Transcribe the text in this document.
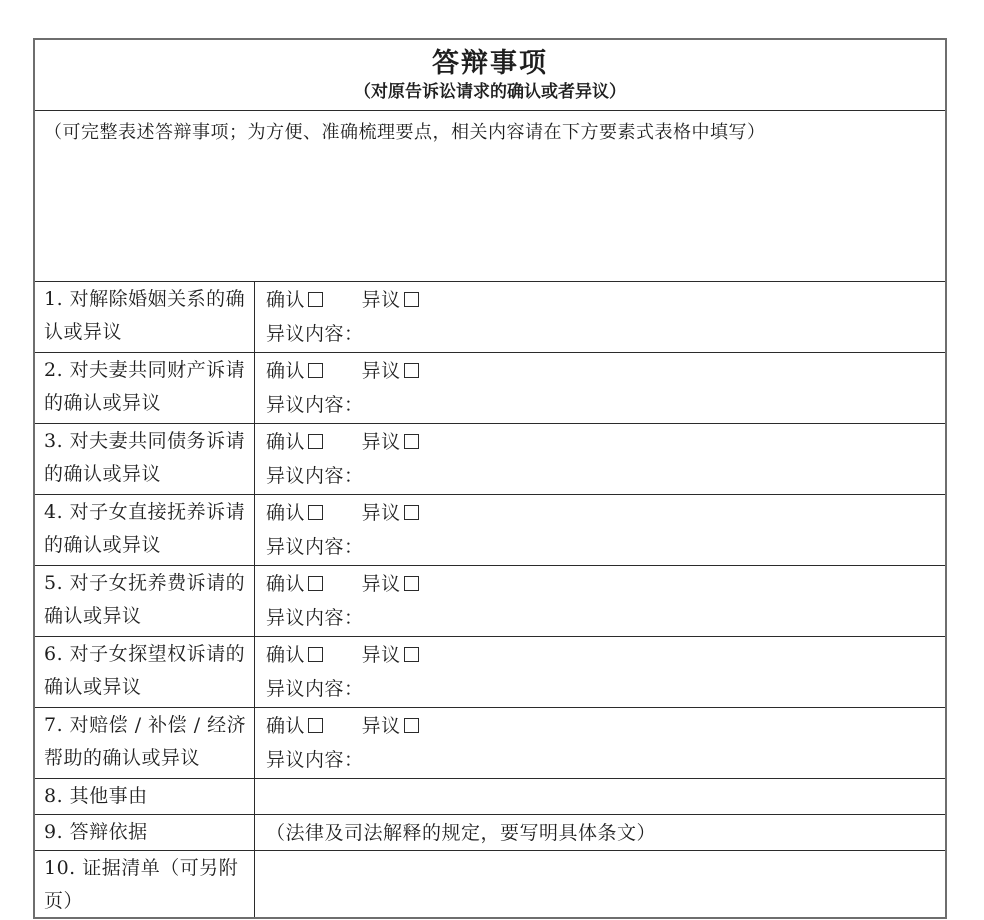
答辩事项
（对原告诉讼请求的确认或者异议）
（可完整表述答辩事项；为方便、准确梳理要点，相关内容请在下方要素式表格中填写）
1. 对解除婚姻关系的确认或异议
确认	异议
异议内容：
2. 对夫妻共同财产诉请的确认或异议
确认	异议
异议内容：
3. 对夫妻共同债务诉请的确认或异议
确认	异议
异议内容：
4. 对子女直接抚养诉请的确认或异议
确认	异议
异议内容：
5. 对子女抚养费诉请的确认或异议
确认	异议
异议内容：
6. 对子女探望权诉请的确认或异议
确认	异议
异议内容：
7. 对赔偿 / 补偿 / 经济帮助的确认或异议
确认	异议
异议内容：
8. 其他事由
9. 答辩依据	（法律及司法解释的规定，要写明具体条文）
10. 证据清单（可另附页）
